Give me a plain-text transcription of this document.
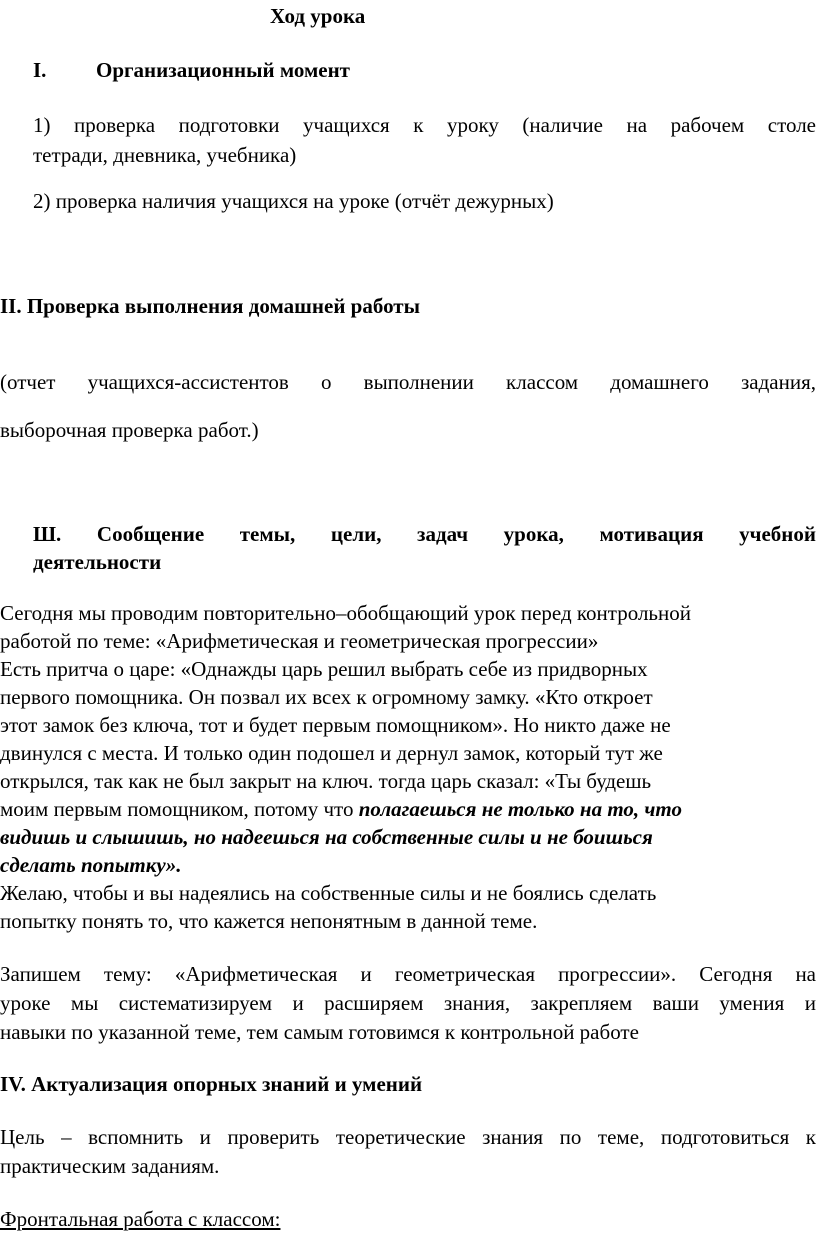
Ход урока
I. Организационный момент
1) проверка подготовки учащихся к уроку (наличие на рабочем столе
тетради, дневника, учебника)
2) проверка наличия учащихся на уроке (отчёт дежурных)
II. Проверка выполнения домашней работы
(отчет учащихся-ассистентов о выполнении классом домашнего задания,
выборочная проверка работ.)
Ш. Сообщение темы, цели, задач урока, мотивация учебной
деятельности
Сегодня мы проводим повторительно–обобщающий урок перед контрольной
работой по теме: «Арифметическая и геометрическая прогрессии»
Есть притча о царе: «Однажды царь решил выбрать себе из придворных
первого помощника. Он позвал их всех к огромному замку. «Кто откроет
этот замок без ключа, тот и будет первым помощником». Но никто даже не
двинулся с места. И только один подошел и дернул замок, который тут же
открылся, так как не был закрыт на ключ. тогда царь сказал: «Ты будешь
моим первым помощником, потому что полагаешься не только на то, что
видишь и слышишь, но надеешься на собственные силы и не боишься
сделать попытку».
Желаю, чтобы и вы надеялись на собственные силы и не боялись сделать
попытку понять то, что кажется непонятным в данной теме.
Запишем тему: «Арифметическая и геометрическая прогрессии». Сегодня на
уроке мы систематизируем и расширяем знания, закрепляем ваши умения и
навыки по указанной теме, тем самым готовимся к контрольной работе
IV. Актуализация опорных знаний и умений
Цель – вспомнить и проверить теоретические знания по теме, подготовиться к
практическим заданиям.
Фронтальная работа с классом:
